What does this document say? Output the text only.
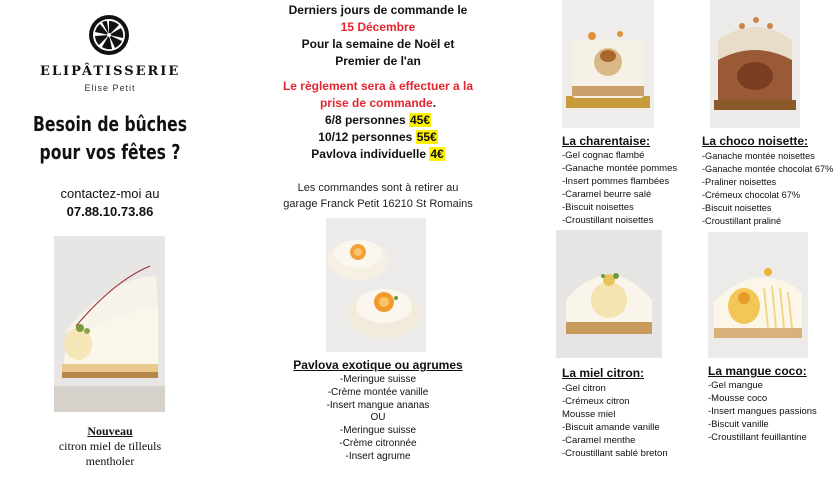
ELIPÂTISSERIE
Elise Petit
Besoin de bûches
pour vos fêtes ?
contactez-moi au
07.88.10.73.86
Nouveau
citron miel de tilleuls
mentholer
Derniers jours de commande le
15 Décembre
Pour la semaine de Noël et
Premier de l'an
Le règlement sera à effectuer a la
prise de commande.
6/8 personnes 45€
10/12 personnes 55€
Pavlova individuelle 4€
Les commandes sont à retirer au
garage Franck Petit 16210 St Romains
Pavlova exotique ou agrumes
-Meringue suisse
-Crème montée vanille
-Insert mangue ananas
OU
-Meringue suisse
-Crème citronnée
-Insert agrume
La charentaise:
-Gel cognac flambé
-Ganache montée pommes
-Insert pommes flambées
-Caramel beurre salé
-Biscuit noisettes
-Croustillant noisettes
La choco noisette:
-Ganache montée noisettes
-Ganache montée chocolat 67%
-Praliner noisettes
-Crémeux chocolat 67%
-Biscuit noisettes
-Croustillant praliné
La miel citron:
-Gel citron
-Crémeux citron
Mousse miel
-Biscuit amande vanille
-Caramel menthe
-Croustillant sablé breton
La mangue coco:
-Gel mangue
-Mousse coco
-Insert mangues passions
-Biscuit vanille
-Croustillant feuillantine
